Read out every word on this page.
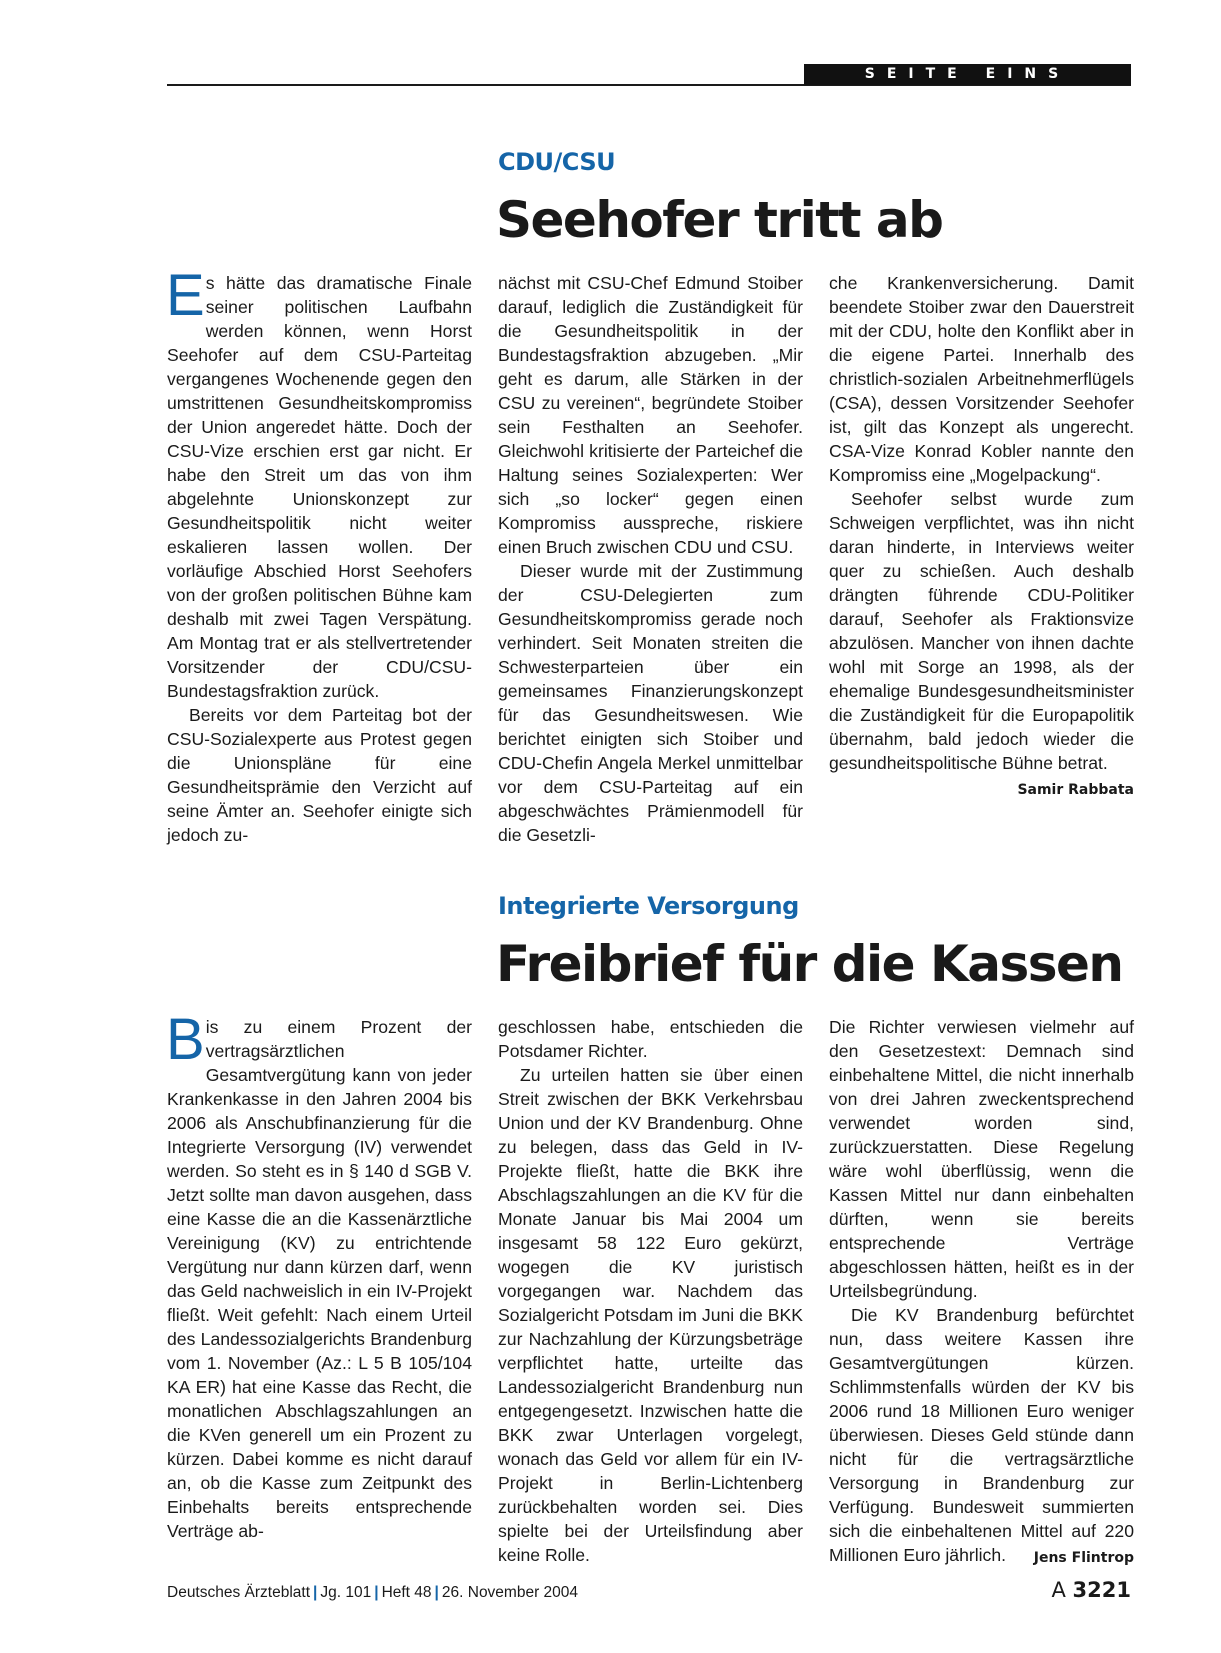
SEITE EINS
CDU/CSU
Seehofer tritt ab

Es hätte das dramatische Finale seiner politischen Laufbahn werden können, wenn Horst Seehofer auf dem CSU-Parteitag vergangenes Wochenende gegen den umstrittenen Gesundheitskompromiss der Union angeredet hätte. Doch der CSU-Vize erschien erst gar nicht. Er habe den Streit um das von ihm abgelehnte Unionskonzept zur Gesundheitspolitik nicht weiter eskalieren lassen wollen. Der vorläufige Abschied Horst Seehofers von der großen politischen Bühne kam deshalb mit zwei Tagen Verspätung. Am Montag trat er als stellvertretender Vorsitzender der CDU/CSU-Bundestagsfraktion zurück.

Bereits vor dem Parteitag bot der CSU-Sozialexperte aus Protest gegen die Unionspläne für eine Gesundheitsprämie den Verzicht auf seine Ämter an. Seehofer einigte sich jedoch zu-

nächst mit CSU-Chef Edmund Stoiber darauf, lediglich die Zuständigkeit für die Gesundheitspolitik in der Bundestagsfraktion abzugeben. „Mir geht es darum, alle Stärken in der CSU zu vereinen“, begründete Stoiber sein Festhalten an Seehofer. Gleichwohl kritisierte der Parteichef die Haltung seines Sozialexperten: Wer sich „so locker“ gegen einen Kompromiss ausspreche, riskiere einen Bruch zwischen CDU und CSU.

Dieser wurde mit der Zustimmung der CSU-Delegierten zum Gesundheitskompromiss gerade noch verhindert. Seit Monaten streiten die Schwesterparteien über ein gemeinsames Finanzierungskonzept für das Gesundheitswesen. Wie berichtet einigten sich Stoiber und CDU-Chefin Angela Merkel unmittelbar vor dem CSU-Parteitag auf ein abgeschwächtes Prämienmodell für die Gesetzli-

che Krankenversicherung. Damit beendete Stoiber zwar den Dauerstreit mit der CDU, holte den Konflikt aber in die eigene Partei. Innerhalb des christlich-sozialen Arbeitnehmerflügels (CSA), dessen Vorsitzender Seehofer ist, gilt das Konzept als ungerecht. CSA-Vize Konrad Kobler nannte den Kompromiss eine „Mogelpackung“.

Seehofer selbst wurde zum Schweigen verpflichtet, was ihn nicht daran hinderte, in Interviews weiter quer zu schießen. Auch deshalb drängten führende CDU-Politiker darauf, Seehofer als Fraktionsvize abzulösen. Mancher von ihnen dachte wohl mit Sorge an 1998, als der ehemalige Bundesgesundheitsminister die Zuständigkeit für die Europapolitik übernahm, bald jedoch wieder die gesundheitspolitische Bühne betrat.
Samir Rabbata

Integrierte Versorgung
Freibrief für die Kassen

Bis zu einem Prozent der vertragsärztlichen Gesamtvergütung kann von jeder Krankenkasse in den Jahren 2004 bis 2006 als Anschubfinanzierung für die Integrierte Versorgung (IV) verwendet werden. So steht es in § 140 d SGB V. Jetzt sollte man davon ausgehen, dass eine Kasse die an die Kassenärztliche Vereinigung (KV) zu entrichtende Vergütung nur dann kürzen darf, wenn das Geld nachweislich in ein IV-Projekt fließt. Weit gefehlt: Nach einem Urteil des Landessozialgerichts Brandenburg vom 1. November (Az.: L 5 B 105/104 KA ER) hat eine Kasse das Recht, die monatlichen Abschlagszahlungen an die KVen generell um ein Prozent zu kürzen. Dabei komme es nicht darauf an, ob die Kasse zum Zeitpunkt des Einbehalts bereits entsprechende Verträge ab-

geschlossen habe, entschieden die Potsdamer Richter.

Zu urteilen hatten sie über einen Streit zwischen der BKK Verkehrsbau Union und der KV Brandenburg. Ohne zu belegen, dass das Geld in IV-Projekte fließt, hatte die BKK ihre Abschlagszahlungen an die KV für die Monate Januar bis Mai 2004 um insgesamt 58 122 Euro gekürzt, wogegen die KV juristisch vorgegangen war. Nachdem das Sozialgericht Potsdam im Juni die BKK zur Nachzahlung der Kürzungsbeträge verpflichtet hatte, urteilte das Landessozialgericht Brandenburg nun entgegengesetzt. Inzwischen hatte die BKK zwar Unterlagen vorgelegt, wonach das Geld vor allem für ein IV-Projekt in Berlin-Lichtenberg zurückbehalten worden sei. Dies spielte bei der Urteilsfindung aber keine Rolle.

Die Richter verwiesen vielmehr auf den Gesetzestext: Demnach sind einbehaltene Mittel, die nicht innerhalb von drei Jahren zweckentsprechend verwendet worden sind, zurückzuerstatten. Diese Regelung wäre wohl überflüssig, wenn die Kassen Mittel nur dann einbehalten dürften, wenn sie bereits entsprechende Verträge abgeschlossen hätten, heißt es in der Urteilsbegründung.

Die KV Brandenburg befürchtet nun, dass weitere Kassen ihre Gesamtvergütungen kürzen. Schlimmstenfalls würden der KV bis 2006 rund 18 Millionen Euro weniger überwiesen. Dieses Geld stünde dann nicht für die vertragsärztliche Versorgung in Brandenburg zur Verfügung. Bundesweit summierten sich die einbehaltenen Mittel auf 220 Millionen Euro jährlich.	Jens Flintrop

Deutsches Ärzteblatt | Jg. 101 | Heft 48 | 26. November 2004	A 3221
